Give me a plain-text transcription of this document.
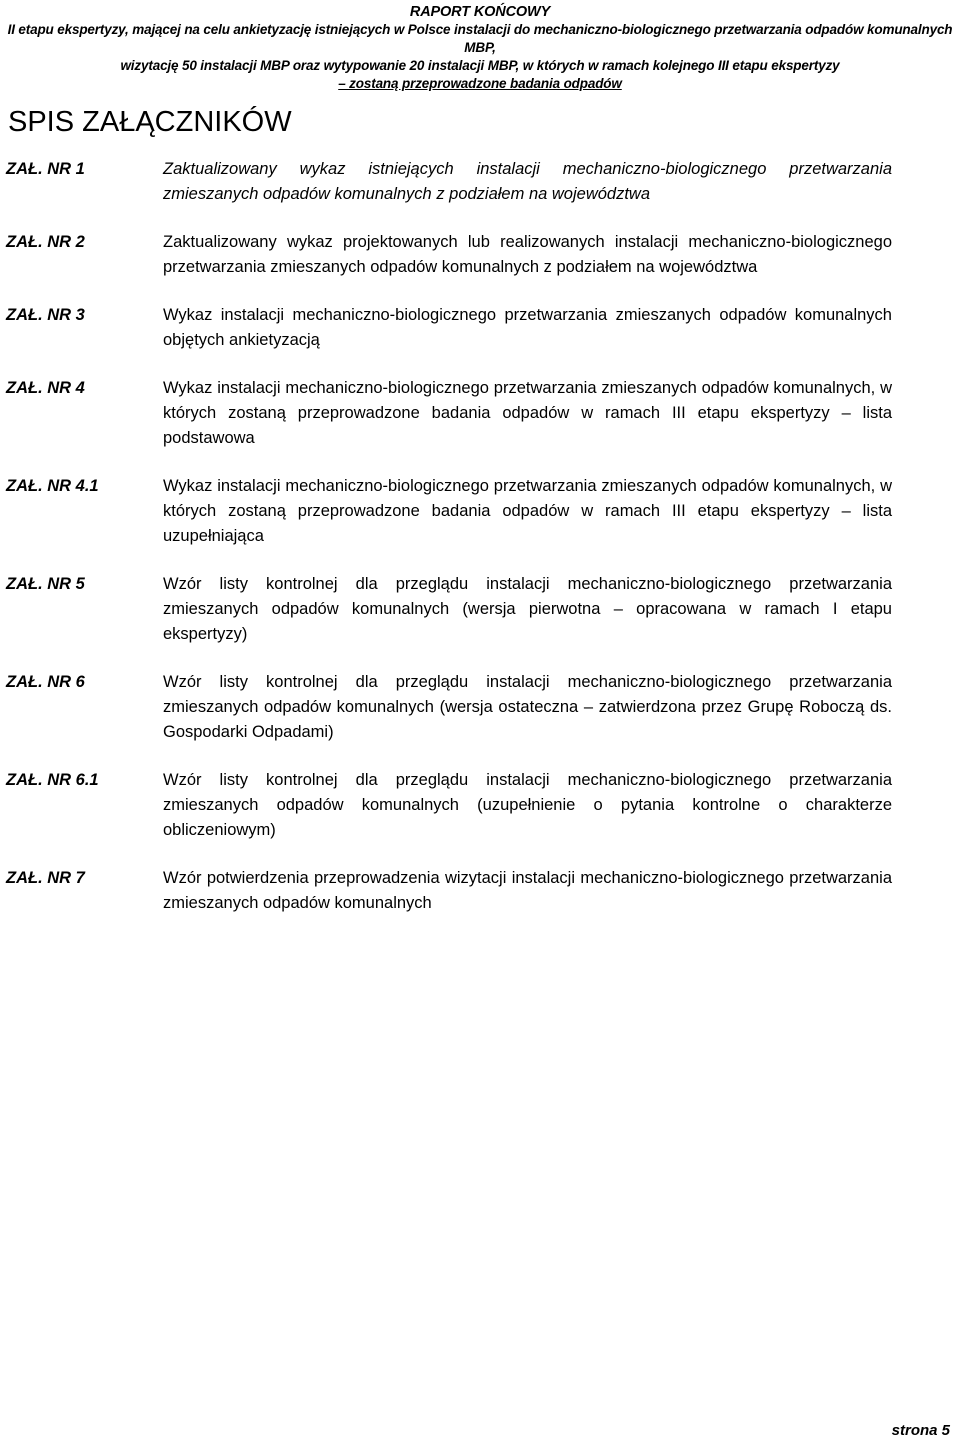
RAPORT KOŃCOWY
II etapu ekspertyzy, mającej na celu ankietyzację istniejących w Polsce instalacji do mechaniczno-biologicznego przetwarzania odpadów komunalnych MBP,
wizytację 50 instalacji MBP oraz wytypowanie 20 instalacji MBP, w których w ramach kolejnego III etapu ekspertyzy
– zostaną przeprowadzone badania odpadów
SPIS ZAŁĄCZNIKÓW
ZAŁ. NR 1	Zaktualizowany wykaz istniejących instalacji mechaniczno-biologicznego przetwarzania zmieszanych odpadów komunalnych z podziałem na województwa
ZAŁ. NR 2	Zaktualizowany wykaz projektowanych lub realizowanych instalacji mechaniczno-biologicznego przetwarzania zmieszanych odpadów komunalnych z podziałem na województwa
ZAŁ. NR 3	Wykaz instalacji mechaniczno-biologicznego przetwarzania zmieszanych odpadów komunalnych objętych ankietyzacją
ZAŁ. NR 4	Wykaz instalacji mechaniczno-biologicznego przetwarzania zmieszanych odpadów komunalnych, w których zostaną przeprowadzone badania odpadów w ramach III etapu ekspertyzy – lista podstawowa
ZAŁ. NR 4.1	Wykaz instalacji mechaniczno-biologicznego przetwarzania zmieszanych odpadów komunalnych, w których zostaną przeprowadzone badania odpadów w ramach III etapu ekspertyzy – lista uzupełniająca
ZAŁ. NR 5	Wzór listy kontrolnej dla przeglądu instalacji mechaniczno-biologicznego przetwarzania zmieszanych odpadów komunalnych (wersja pierwotna – opracowana w ramach I etapu ekspertyzy)
ZAŁ. NR 6	Wzór listy kontrolnej dla przeglądu instalacji mechaniczno-biologicznego przetwarzania zmieszanych odpadów komunalnych (wersja ostateczna – zatwierdzona przez Grupę Roboczą ds. Gospodarki Odpadami)
ZAŁ. NR 6.1	Wzór listy kontrolnej dla przeglądu instalacji mechaniczno-biologicznego przetwarzania zmieszanych odpadów komunalnych (uzupełnienie o pytania kontrolne o charakterze obliczeniowym)
ZAŁ. NR 7	Wzór potwierdzenia przeprowadzenia wizytacji instalacji mechaniczno-biologicznego przetwarzania zmieszanych odpadów komunalnych
strona 5
